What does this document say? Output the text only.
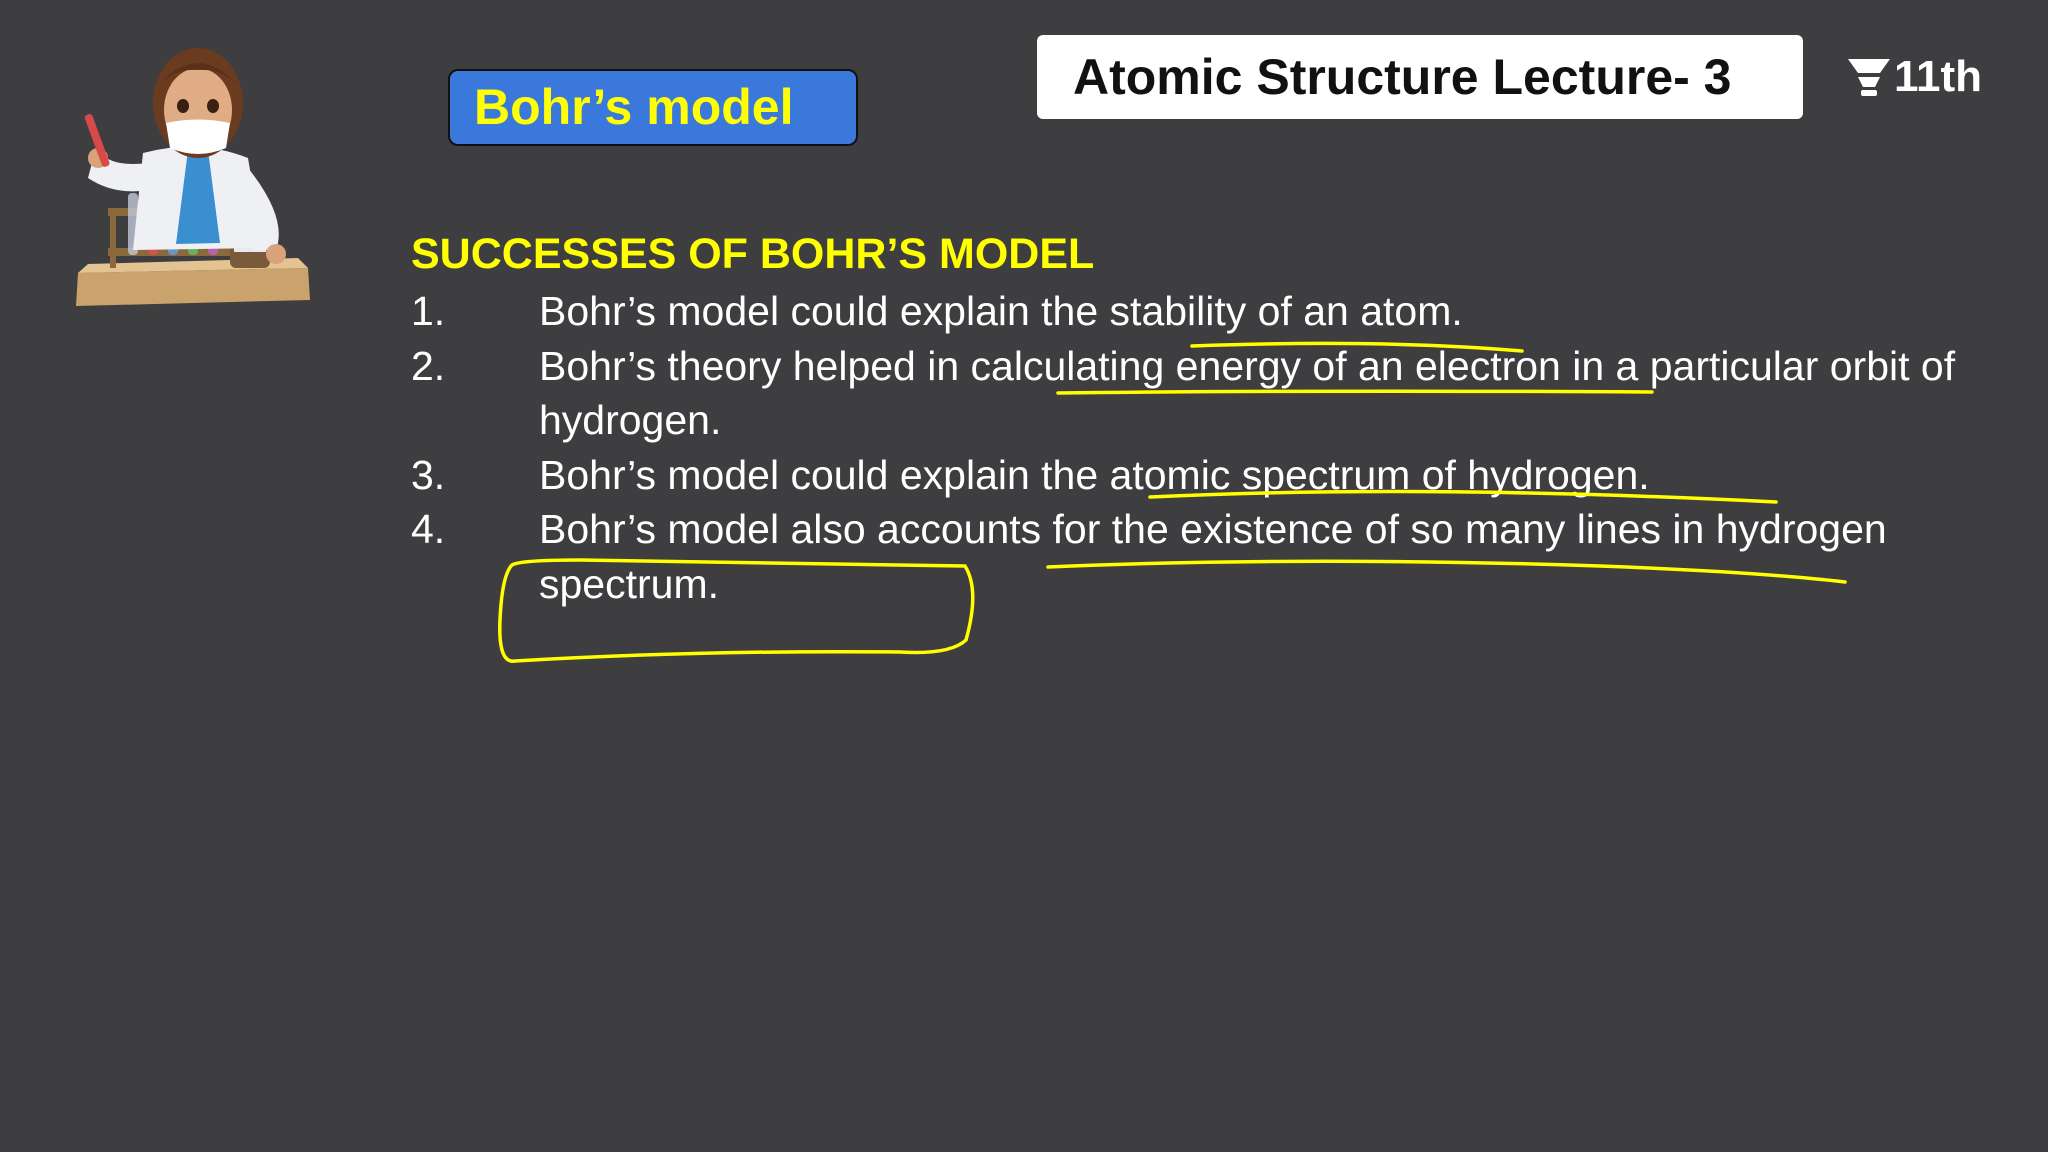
Bohr’s model
Atomic Structure Lecture- 3	11th
SUCCESSES OF BOHR’S MODEL
1.	Bohr’s model could explain the stability of an atom.
2.	Bohr’s theory helped in calculating energy of an electron in a particular orbit of hydrogen.
3.	Bohr’s model could explain the atomic spectrum of hydrogen.
4.	Bohr’s model also accounts for the existence of so many lines in hydrogen spectrum.
